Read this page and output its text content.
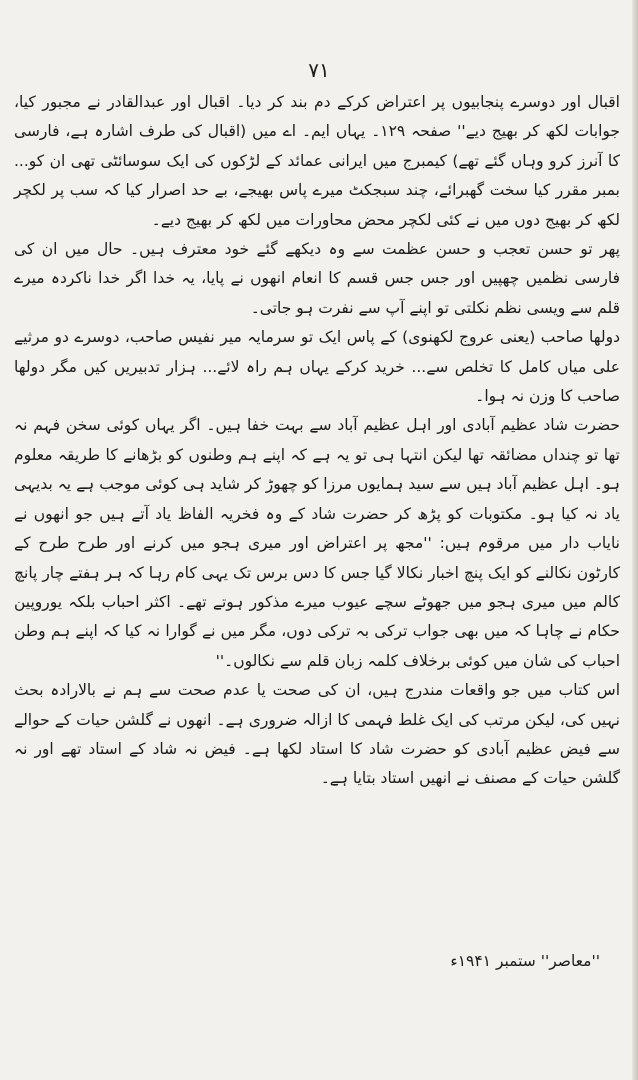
۷۱

اقبال اور دوسرے پنجابیوں پر اعتراض کرکے دم بند کر دیا۔ اقبال اور عبدالقادر نے مجبور کیا، جوابات لکھ کر بھیج دیے'' صفحہ ۱۲۹۔ یہاں ایم۔ اے میں (اقبال کی طرف اشارہ ہے، فارسی کا آنرز کرو وہاں گئے تھے) کیمبرج میں ایرانی عمائد کے لڑکوں کی ایک سوسائٹی تھی ان کو... بمبر مقرر کیا سخت گھبرائے، چند سبجکٹ میرے پاس بھیجے، بے حد اصرار کیا کہ سب پر لکچر لکھ کر بھیج دوں میں نے کئی لکچر محض محاورات میں لکھ کر بھیج دیے۔

پھر تو حسن تعجب و حسن عظمت سے وہ دیکھے گئے خود معترف ہیں۔ حال میں ان کی فارسی نظمیں چھپیں اور جس جس قسم کا انعام انھوں نے پایا، یہ خدا اگر خدا ناکردہ میرے قلم سے ویسی نظم نکلتی تو اپنے آپ سے نفرت ہو جاتی۔

دولھا صاحب (یعنی عروج لکھنوی) کے پاس ایک تو سرمایہ میر نفیس صاحب، دوسرے دو مرثیے علی میاں کامل کا تخلص سے... خرید کرکے یہاں ہم راہ لائے... ہزار تدبیریں کیں مگر دولھا صاحب کا وزن نہ ہوا۔

حضرت شاد عظیم آبادی اور اہل عظیم آباد سے بہت خفا ہیں۔ اگر یہاں کوئی سخن فہم نہ تھا تو چنداں مضائقہ تھا لیکن انتہا ہی تو یہ ہے کہ اپنے ہم وطنوں کو بڑھانے کا طریقہ معلوم ہو۔ اہل عظیم آباد ہیں سے سید ہمایوں مرزا کو چھوڑ کر شاید ہی کوئی موجب ہے یہ بدیہی یاد نہ کیا ہو۔ مکتوبات کو پڑھ کر حضرت شاد کے وہ فخریہ الفاظ یاد آتے ہیں جو انھوں نے نایاب دار میں مرقوم ہیں: ''مجھ پر اعتراض اور میری ہجو میں کرنے اور طرح طرح کے کارٹون نکالنے کو ایک پنچ اخبار نکالا گیا جس کا دس برس تک یہی کام رہا کہ ہر ہفتے چار پانچ کالم میں میری ہجو میں جھوٹے سچے عیوب میرے مذکور ہوتے تھے۔ اکثر احباب بلکہ یوروپین حکام نے چاہا کہ میں بھی جواب ترکی بہ ترکی دوں، مگر میں نے گوارا نہ کیا کہ اپنے ہم وطن احباب کی شان میں کوئی برخلاف کلمہ زبان قلم سے نکالوں۔''

اس کتاب میں جو واقعات مندرج ہیں، ان کی صحت یا عدم صحت سے ہم نے بالارادہ بحث نہیں کی، لیکن مرتب کی ایک غلط فہمی کا ازالہ ضروری ہے۔ انھوں نے گلشن حیات کے حوالے سے فیض عظیم آبادی کو حضرت شاد کا استاد لکھا ہے۔ فیض نہ شاد کے استاد تھے اور نہ گلشن حیات کے مصنف نے انھیں استاد بتایا ہے۔

''معاصر'' ستمبر ۱۹۴۱ء
